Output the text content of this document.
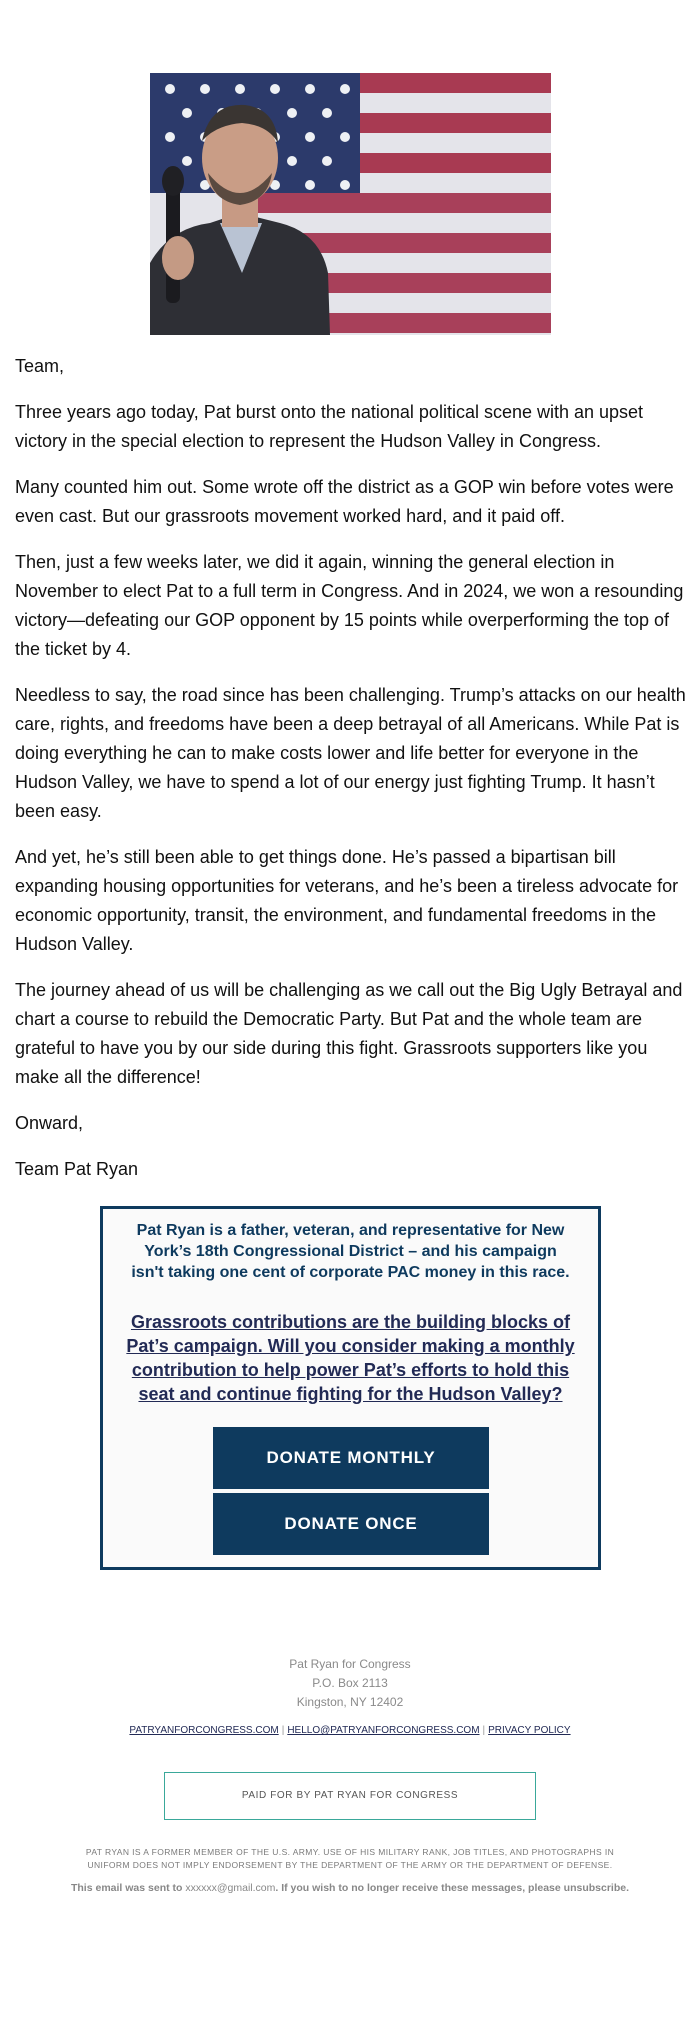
Team,

Three years ago today, Pat burst onto the national political scene with an upset victory in the special election to represent the Hudson Valley in Congress.

Many counted him out. Some wrote off the district as a GOP win before votes were even cast. But our grassroots movement worked hard, and it paid off.

Then, just a few weeks later, we did it again, winning the general election in November to elect Pat to a full term in Congress. And in 2024, we won a resounding victory—defeating our GOP opponent by 15 points while overperforming the top of the ticket by 4.

Needless to say, the road since has been challenging. Trump’s attacks on our health care, rights, and freedoms have been a deep betrayal of all Americans. While Pat is doing everything he can to make costs lower and life better for everyone in the Hudson Valley, we have to spend a lot of our energy just fighting Trump. It hasn’t been easy.

And yet, he’s still been able to get things done. He’s passed a bipartisan bill expanding housing opportunities for veterans, and he’s been a tireless advocate for economic opportunity, transit, the environment, and fundamental freedoms in the Hudson Valley.

The journey ahead of us will be challenging as we call out the Big Ugly Betrayal and chart a course to rebuild the Democratic Party. But Pat and the whole team are grateful to have you by our side during this fight. Grassroots supporters like you make all the difference!

Onward,

Team Pat Ryan

Pat Ryan is a father, veteran, and representative for New York’s 18th Congressional District – and his campaign isn't taking one cent of corporate PAC money in this race.
Grassroots contributions are the building blocks of Pat’s campaign. Will you consider making a monthly contribution to help power Pat’s efforts to hold this seat and continue fighting for the Hudson Valley?
DONATE MONTHLY
DONATE ONCE
Pat Ryan for Congress
P.O. Box 2113
Kingston, NY 12402
PATRYANFORCONGRESS.COM | HELLO@PATRYANFORCONGRESS.COM | PRIVACY POLICY
PAID FOR BY PAT RYAN FOR CONGRESS
PAT RYAN IS A FORMER MEMBER OF THE U.S. ARMY. USE OF HIS MILITARY RANK, JOB TITLES, AND PHOTOGRAPHS IN UNIFORM DOES NOT IMPLY ENDORSEMENT BY THE DEPARTMENT OF THE ARMY OR THE DEPARTMENT OF DEFENSE.
This email was sent to xxxxxx@gmail.com. If you wish to no longer receive these messages, please unsubscribe.
